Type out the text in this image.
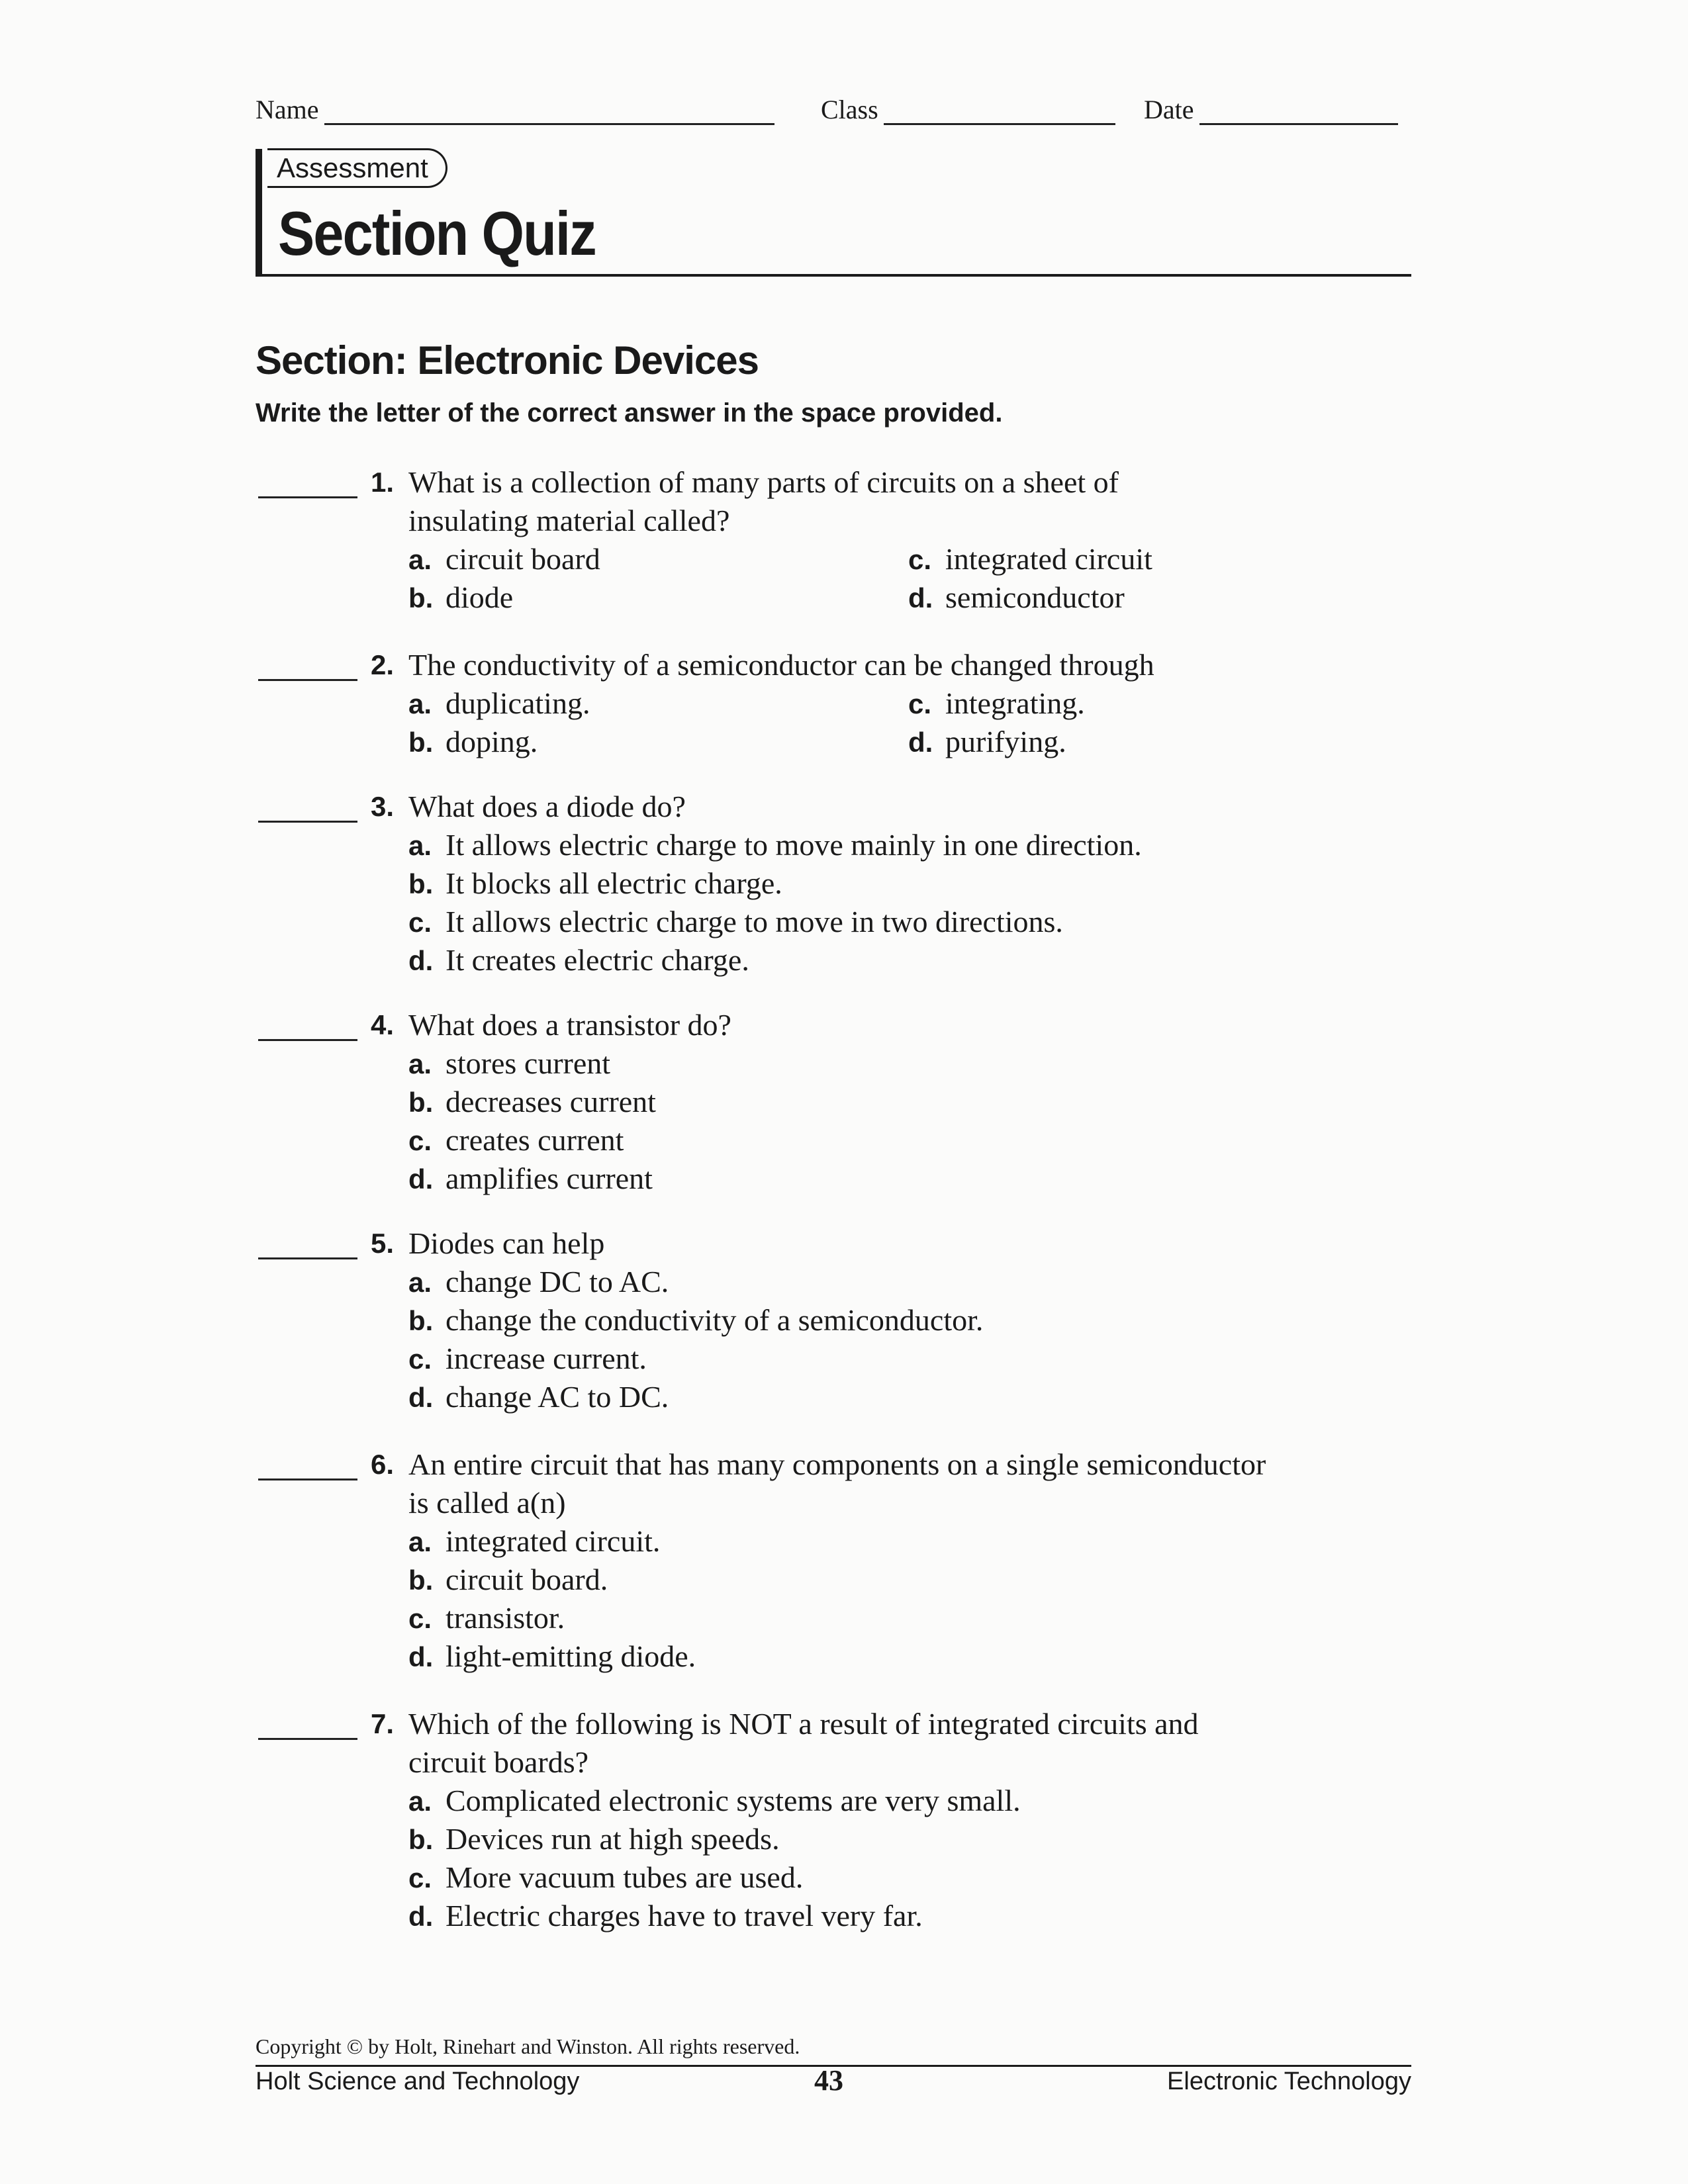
Name	Class	Date
Assessment
Section Quiz
Section: Electronic Devices
Write the letter of the correct answer in the space provided.
1. What is a collection of many parts of circuits on a sheet of
insulating material called?
a. circuit board
b. diode
c. integrated circuit
d. semiconductor
2. The conductivity of a semiconductor can be changed through
a. duplicating.
b. doping.
c. integrating.
d. purifying.
3. What does a diode do?
a. It allows electric charge to move mainly in one direction.
b. It blocks all electric charge.
c. It allows electric charge to move in two directions.
d. It creates electric charge.
4. What does a transistor do?
a. stores current
b. decreases current
c. creates current
d. amplifies current
5. Diodes can help
a. change DC to AC.
b. change the conductivity of a semiconductor.
c. increase current.
d. change AC to DC.
6. An entire circuit that has many components on a single semiconductor
is called a(n)
a. integrated circuit.
b. circuit board.
c. transistor.
d. light-emitting diode.
7. Which of the following is NOT a result of integrated circuits and
circuit boards?
a. Complicated electronic systems are very small.
b. Devices run at high speeds.
c. More vacuum tubes are used.
d. Electric charges have to travel very far.
Copyright © by Holt, Rinehart and Winston. All rights reserved.
Holt Science and Technology	43	Electronic Technology
